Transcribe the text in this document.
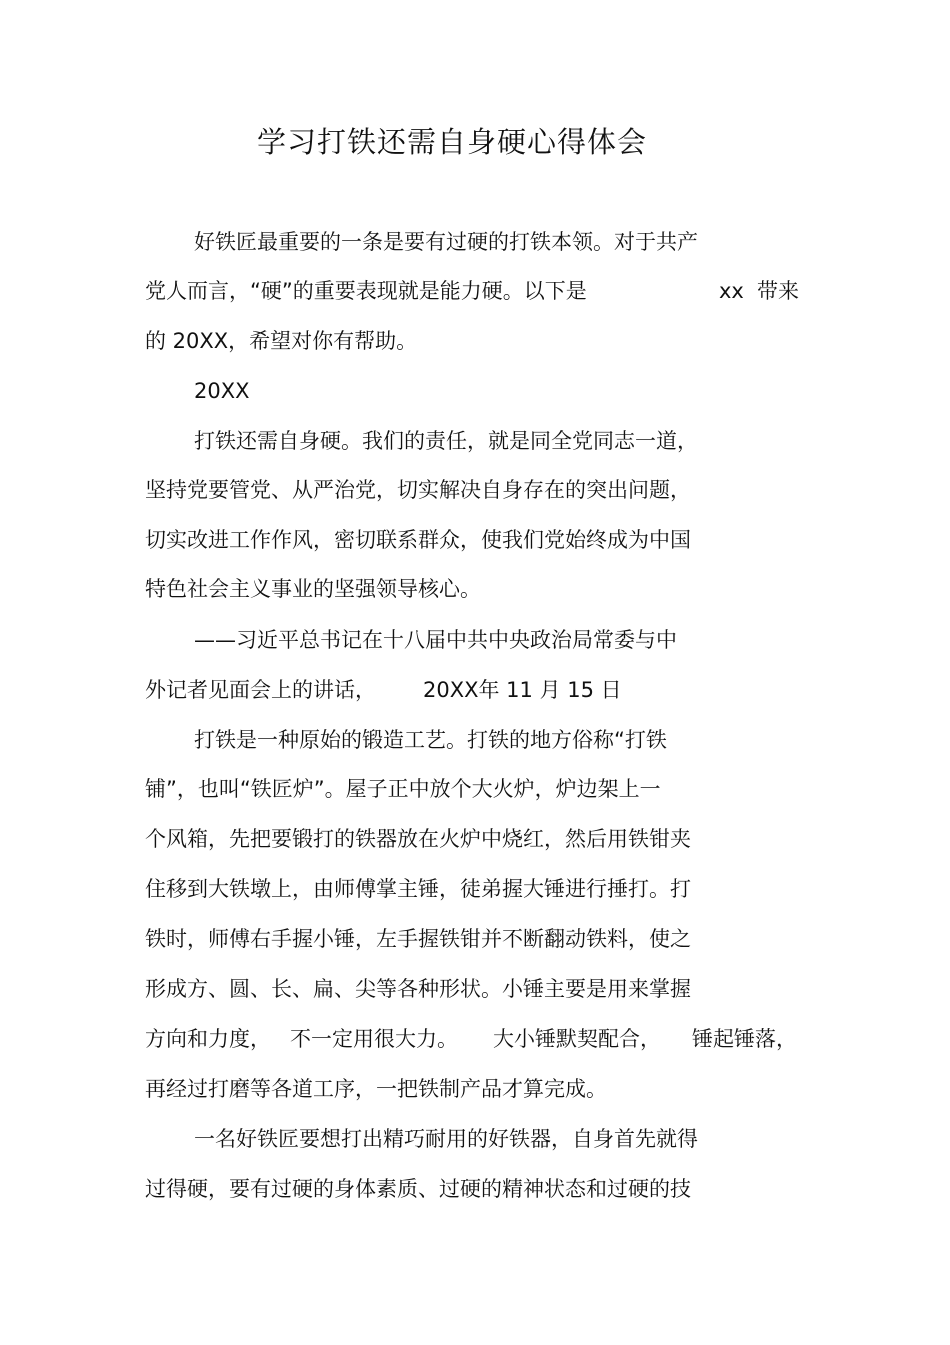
学习打铁还需自身硬心得体会
好铁匠最重要的一条是要有过硬的打铁本领。对于共产
党人而言，“硬”的重要表现就是能力硬。以下是	xx 带来
的 20XX，希望对你有帮助。
20XX
打铁还需自身硬。我们的责任，就是同全党同志一道，
坚持党要管党、从严治党，切实解决自身存在的突出问题，
切实改进工作作风，密切联系群众，使我们党始终成为中国
特色社会主义事业的坚强领导核心。
——习近平总书记在十八届中共中央政治局常委与中
外记者见面会上的讲话， 20XX年 11 月 15 日
打铁是一种原始的锻造工艺。打铁的地方俗称“打铁
铺”，也叫“铁匠炉”。屋子正中放个大火炉，炉边架上一
个风箱，先把要锻打的铁器放在火炉中烧红，然后用铁钳夹
住移到大铁墩上，由师傅掌主锤，徒弟握大锤进行捶打。打
铁时，师傅右手握小锤，左手握铁钳并不断翻动铁料，使之
形成方、圆、长、扁、尖等各种形状。小锤主要是用来掌握
方向和力度， 不一定用很大力。 大小锤默契配合， 锤起锤落，
再经过打磨等各道工序，一把铁制产品才算完成。
一名好铁匠要想打出精巧耐用的好铁器，自身首先就得
过得硬，要有过硬的身体素质、过硬的精神状态和过硬的技
